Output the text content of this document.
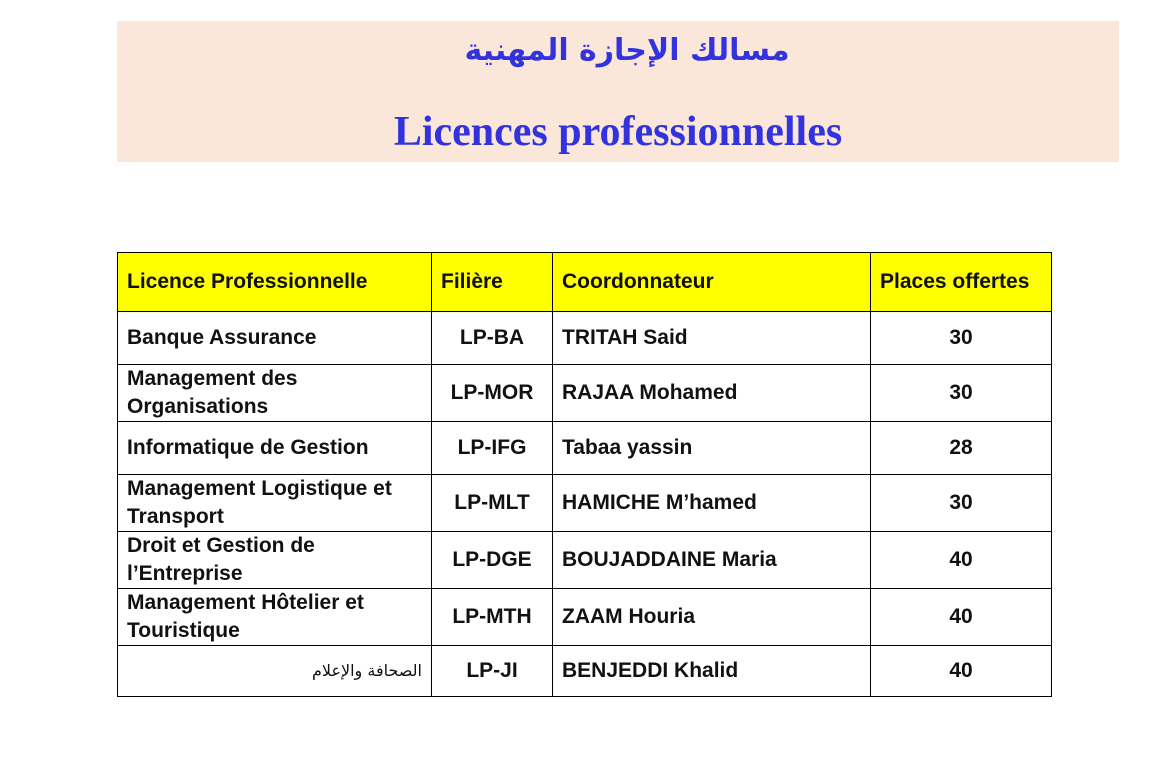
مسالك الإجازة المهنية
Licences professionnelles
Licence Professionnelle	Filière	Coordonnateur	Places offertes
Banque Assurance	LP-BA	TRITAH Said	30
Management des Organisations	LP-MOR	RAJAA Mohamed	30
Informatique de Gestion	LP-IFG	Tabaa yassin	28
Management Logistique et Transport	LP-MLT	HAMICHE M’hamed	30
Droit et Gestion de l’Entreprise	LP-DGE	BOUJADDAINE Maria	40
Management Hôtelier et Touristique	LP-MTH	ZAAM Houria	40
الصحافة والإعلام	LP-JI	BENJEDDI Khalid	40
